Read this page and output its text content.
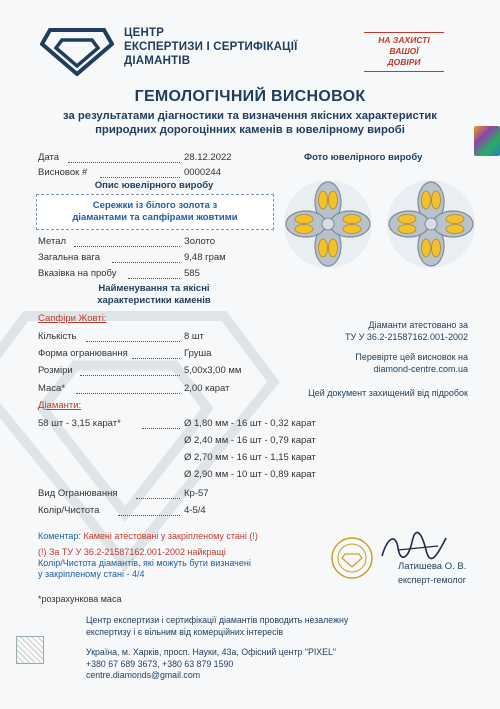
ЦЕНТР
ЕКСПЕРТИЗИ І СЕРТИФІКАЦІЇ
ДІАМАНТІВ
НА ЗАХИСТІ
ВАШОЇ
ДОВІРИ
ГЕМОЛОГІЧНИЙ ВИСНОВОК
за результатами діагностики та визначення якісних характеристик
природних дорогоцінних каменів в ювелірному виробі
Дата	28.12.2022
Висновок #	0000244
Опис ювелірного виробу
Сережки із білого золота з
діамантами та сапфірами жовтими
Метал	Золото
Загальна вага	9,48 грам
Вказівка на пробу	585
Найменування та якісні
характеристики каменів
Сапфіри Жовті:
Кількість	8 шт
Форма огранювання	Груша
Розміри	5,00х3,00 мм
Маса*	2,00 карат
Діаманти:
58 шт - 3,15 карат*	Ø 1,80 мм - 16 шт - 0,32 карат
Ø 2,40 мм - 16 шт - 0,79 карат
Ø 2,70 мм - 16 шт - 1,15 карат
Ø 2,90 мм - 10 шт - 0,89 карат
Вид Огранювання	Кр-57
Колір/Чистота	4-5/4
Фото ювелірного виробу
Діаманти атестовано за
ТУ У 36.2-21587162.001-2002
Перевірте цей висновок на
diamond-centre.com.ua
Цей документ захищений від підробок
Коментар: Камені атестовані у закріпленому стані (!)
(!) За ТУ У 36.2-21587162.001-2002 найкращі
Колір/Чистота діамантів, які можуть бути визначені
у закріпленому стані - 4/4
*розрахункова маса
Латишева О. В.
експерт-гемолог
Центр експертизи і сертифікації діамантів проводить незалежну
експертизу і є вільним від комерційних інтересів
Україна, м. Харків, просп. Науки, 43а, Офісний центр "PIXEL"
+380 67 689 3673, +380 63 879 1590
centre.diamonds@gmail.com
